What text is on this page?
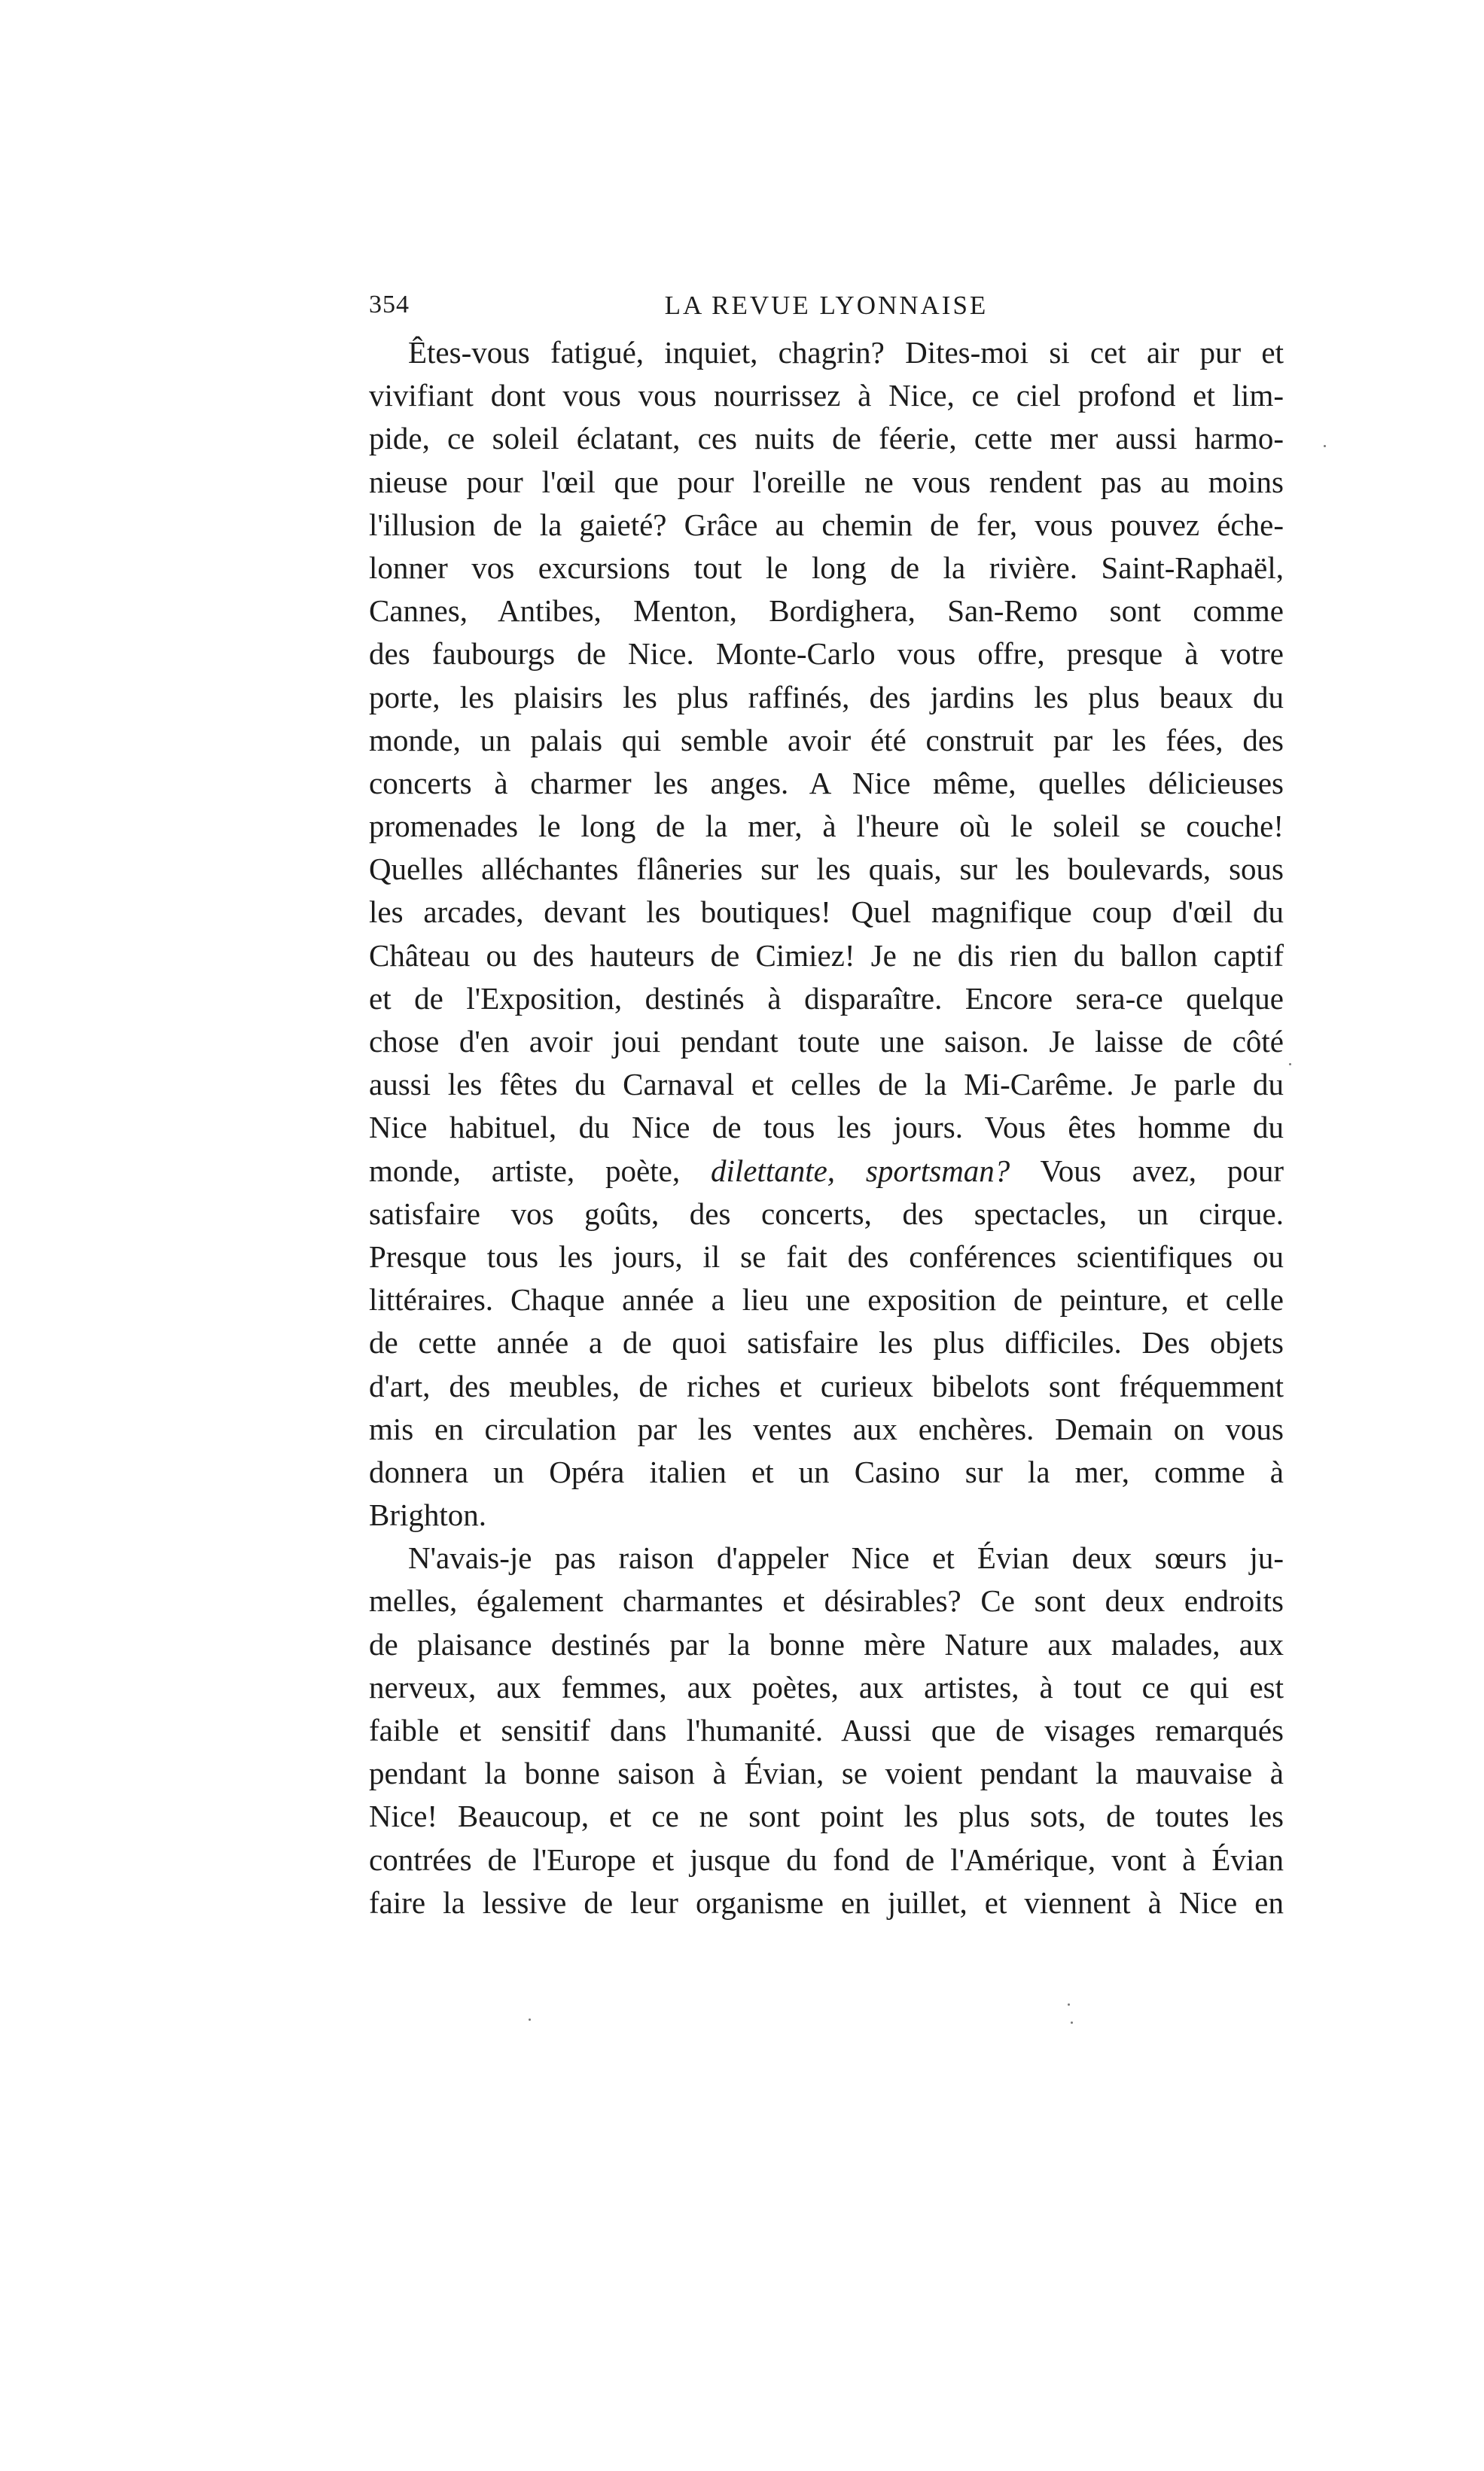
354	LA REVUE LYONNAISE
Êtes-vous fatigué, inquiet, chagrin? Dites-moi si cet air pur et
vivifiant dont vous vous nourrissez à Nice, ce ciel profond et lim-
pide, ce soleil éclatant, ces nuits de féerie, cette mer aussi harmo-
nieuse pour l'œil que pour l'oreille ne vous rendent pas au moins
l'illusion de la gaieté? Grâce au chemin de fer, vous pouvez éche-
lonner vos excursions tout le long de la rivière. Saint-Raphaël,
Cannes, Antibes, Menton, Bordighera, San-Remo sont comme
des faubourgs de Nice. Monte-Carlo vous offre, presque à votre
porte, les plaisirs les plus raffinés, des jardins les plus beaux du
monde, un palais qui semble avoir été construit par les fées, des
concerts à charmer les anges. A Nice même, quelles délicieuses
promenades le long de la mer, à l'heure où le soleil se couche!
Quelles alléchantes flâneries sur les quais, sur les boulevards, sous
les arcades, devant les boutiques! Quel magnifique coup d'œil du
Château ou des hauteurs de Cimiez! Je ne dis rien du ballon captif
et de l'Exposition, destinés à disparaître. Encore sera-ce quelque
chose d'en avoir joui pendant toute une saison. Je laisse de côté
aussi les fêtes du Carnaval et celles de la Mi-Carême. Je parle du
Nice habituel, du Nice de tous les jours. Vous êtes homme du
monde, artiste, poète, dilettante, sportsman? Vous avez, pour
satisfaire vos goûts, des concerts, des spectacles, un cirque.
Presque tous les jours, il se fait des conférences scientifiques ou
littéraires. Chaque année a lieu une exposition de peinture, et celle
de cette année a de quoi satisfaire les plus difficiles. Des objets
d'art, des meubles, de riches et curieux bibelots sont fréquemment
mis en circulation par les ventes aux enchères. Demain on vous
donnera un Opéra italien et un Casino sur la mer, comme à
Brighton.
N'avais-je pas raison d'appeler Nice et Évian deux sœurs ju-
melles, également charmantes et désirables? Ce sont deux endroits
de plaisance destinés par la bonne mère Nature aux malades, aux
nerveux, aux femmes, aux poètes, aux artistes, à tout ce qui est
faible et sensitif dans l'humanité. Aussi que de visages remarqués
pendant la bonne saison à Évian, se voient pendant la mauvaise à
Nice! Beaucoup, et ce ne sont point les plus sots, de toutes les
contrées de l'Europe et jusque du fond de l'Amérique, vont à Évian
faire la lessive de leur organisme en juillet, et viennent à Nice en
